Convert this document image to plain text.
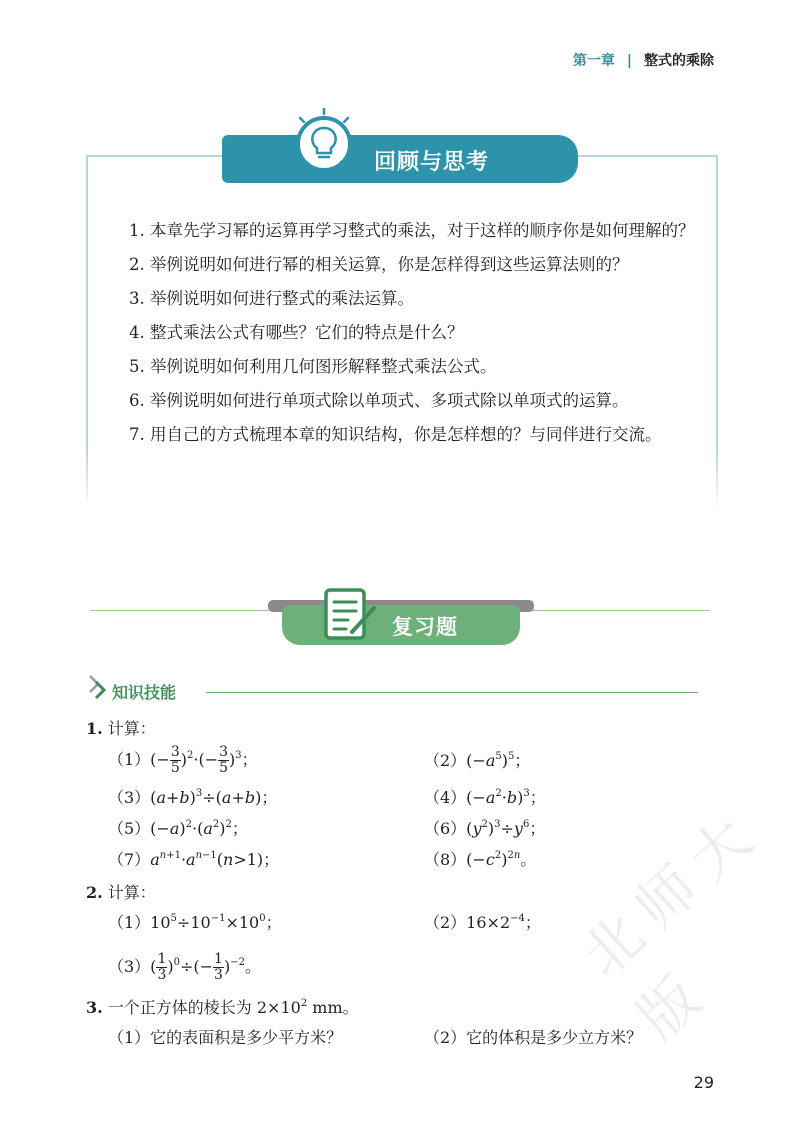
第一章 | 整式的乘除
回顾与思考

1. 本章先学习幂的运算再学习整式的乘法，对于这样的顺序你是如何理解的？

2. 举例说明如何进行幂的相关运算，你是怎样得到这些运算法则的？

3. 举例说明如何进行整式的乘法运算。

4. 整式乘法公式有哪些？它们的特点是什么？

5. 举例说明如何利用几何图形解释整式乘法公式。

6. 举例说明如何进行单项式除以单项式、多项式除以单项式的运算。

7. 用自己的方式梳理本章的知识结构，你是怎样想的？与同伴进行交流。

复习题
知识技能
1. 计算：
$(1)(- \frac{3}{5} )^2\cdot(- \frac{3}{5} )^3$；	$(2)(-a^5)^5$；
$(3)(a+b)^3\div(a+b)$；	$(4)(-a^2\cdot b)^3$；
$(5)(-a)^2\cdot(a^2)^2$；	$(6)(y^2)^3\div y^6$；
$(7)a^{n+1}\cdot a^{n-1}(n>1)$；	$(8)(-c^2)^{2n}$。
2. 计算：
$(1)10^5\div 10^{-1}\times 10^0$；	$(2)16\times 2^{-4}$；
$(3)( \frac{1}{3} )^0\div(- \frac{1}{3} )^{-2}$。
3. 一个正方体的棱长为 $2\times 10^2$ mm。
（1）它的表面积是多少平方米？	（2）它的体积是多少立方米？
北师大版
29
